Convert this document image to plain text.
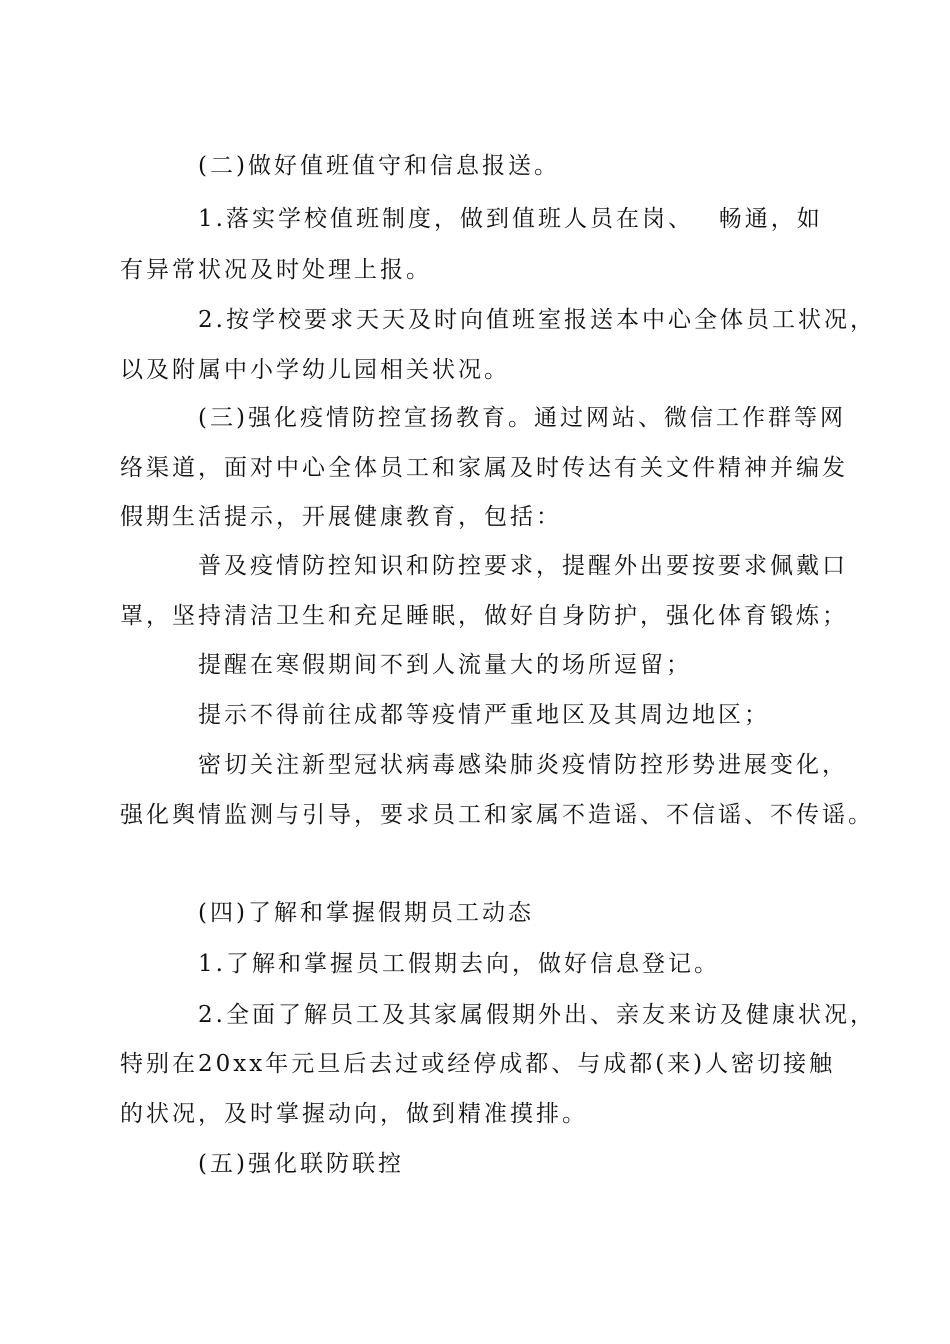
(二)做好值班值守和信息报送。
1.落实学校值班制度，做到值班人员在岗、　 畅通，如
有异常状况及时处理上报。
2.按学校要求天天及时向值班室报送本中心全体员工状况，
以及附属中小学幼儿园相关状况。
(三)强化疫情防控宣扬教育。通过网站、微信工作群等网
络渠道，面对中心全体员工和家属及时传达有关文件精神并编发
假期生活提示，开展健康教育，包括：
普及疫情防控知识和防控要求，提醒外出要按要求佩戴口
罩，坚持清洁卫生和充足睡眠，做好自身防护，强化体育锻炼；
提醒在寒假期间不到人流量大的场所逗留；
提示不得前往成都等疫情严重地区及其周边地区；
密切关注新型冠状病毒感染肺炎疫情防控形势进展变化，
强化舆情监测与引导，要求员工和家属不造谣、不信谣、不传谣。
(四)了解和掌握假期员工动态
1.了解和掌握员工假期去向，做好信息登记。
2.全面了解员工及其家属假期外出、亲友来访及健康状况，
特别在20xx年元旦后去过或经停成都、与成都(来)人密切接触
的状况，及时掌握动向，做到精准摸排。
(五)强化联防联控
